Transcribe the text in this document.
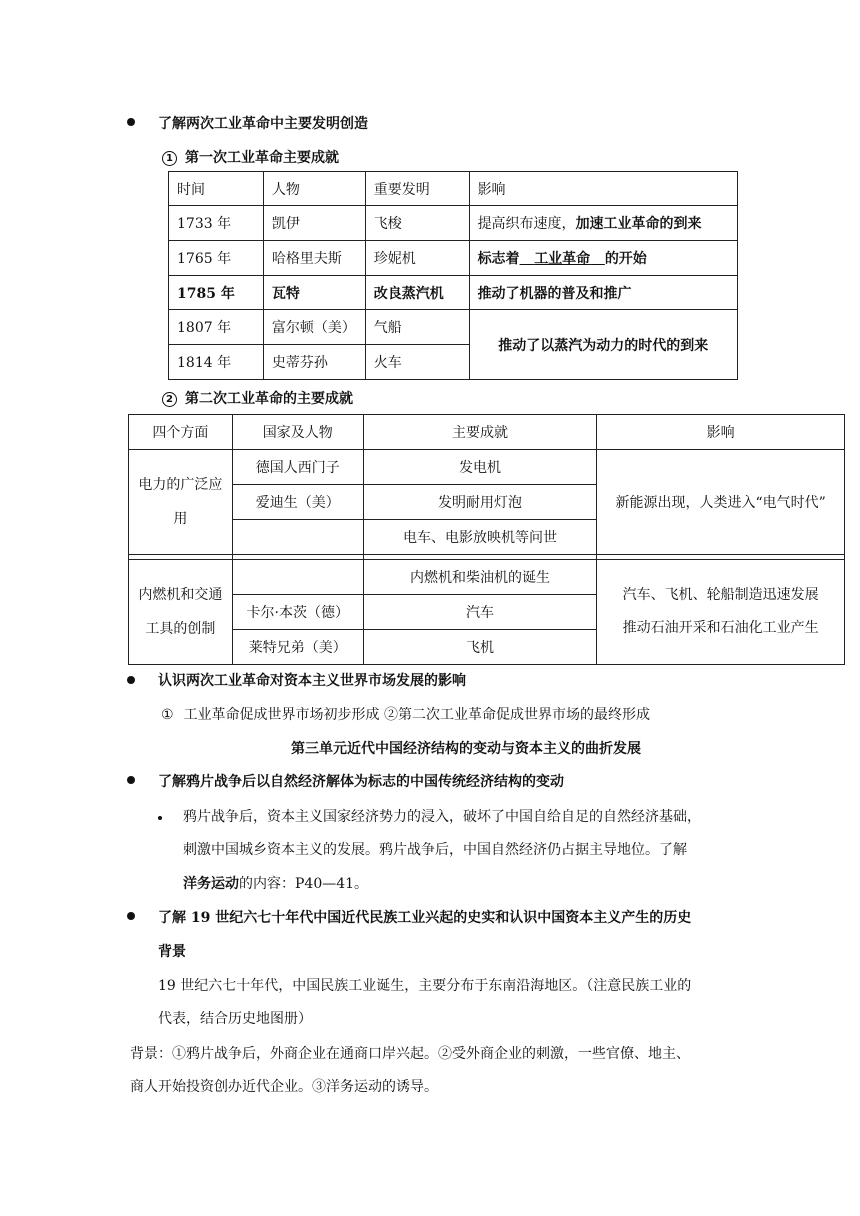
了解两次工业革命中主要发明创造

1 第一次工业革命主要成就

时间	人物	重要发明	影响
1733 年	凯伊	飞梭	提高织布速度，加速工业革命的到来
1765 年	哈格里夫斯	珍妮机	标志着 工业革命 的开始
1785 年	瓦特	改良蒸汽机	推动了机器的普及和推广
1807 年	富尔顿（美）	气船	推动了以蒸汽为动力的时代的到来
1814 年	史蒂芬孙	火车	

2 第二次工业革命的主要成就

四个方面	国家及人物	主要成就	影响
电力的广泛应用	德国人西门子	发电机	新能源出现，人类进入“电气时代”
	爱迪生（美）	发明耐用灯泡	
		电车、电影放映机等问世	

内燃机和交通工具的创制		内燃机和柴油机的诞生	汽车、飞机、轮船制造迅速发展
推动石油开采和石油化工业产生

	卡尔·本茨（德）	汽车	
	莱特兄弟（美）	飞机	

认识两次工业革命对资本主义世界市场发展的影响

① 工业革命促成世界市场初步形成 ②第二次工业革命促成世界市场的最终形成

第三单元近代中国经济结构的变动与资本主义的曲折发展

了解鸦片战争后以自然经济解体为标志的中国传统经济结构的变动

鸦片战争后，资本主义国家经济势力的浸入，破坏了中国自给自足的自然经济基础，

刺激中国城乡资本主义的发展。鸦片战争后，中国自然经济仍占据主导地位。了解

洋务运动的内容：P40—41。

了解 19 世纪六七十年代中国近代民族工业兴起的史实和认识中国资本主义产生的历史

背景

19 世纪六七十年代，中国民族工业诞生，主要分布于东南沿海地区。（注意民族工业的

代表，结合历史地图册）

背景：①鸦片战争后，外商企业在通商口岸兴起。②受外商企业的刺激，一些官僚、地主、

商人开始投资创办近代企业。③洋务运动的诱导。
